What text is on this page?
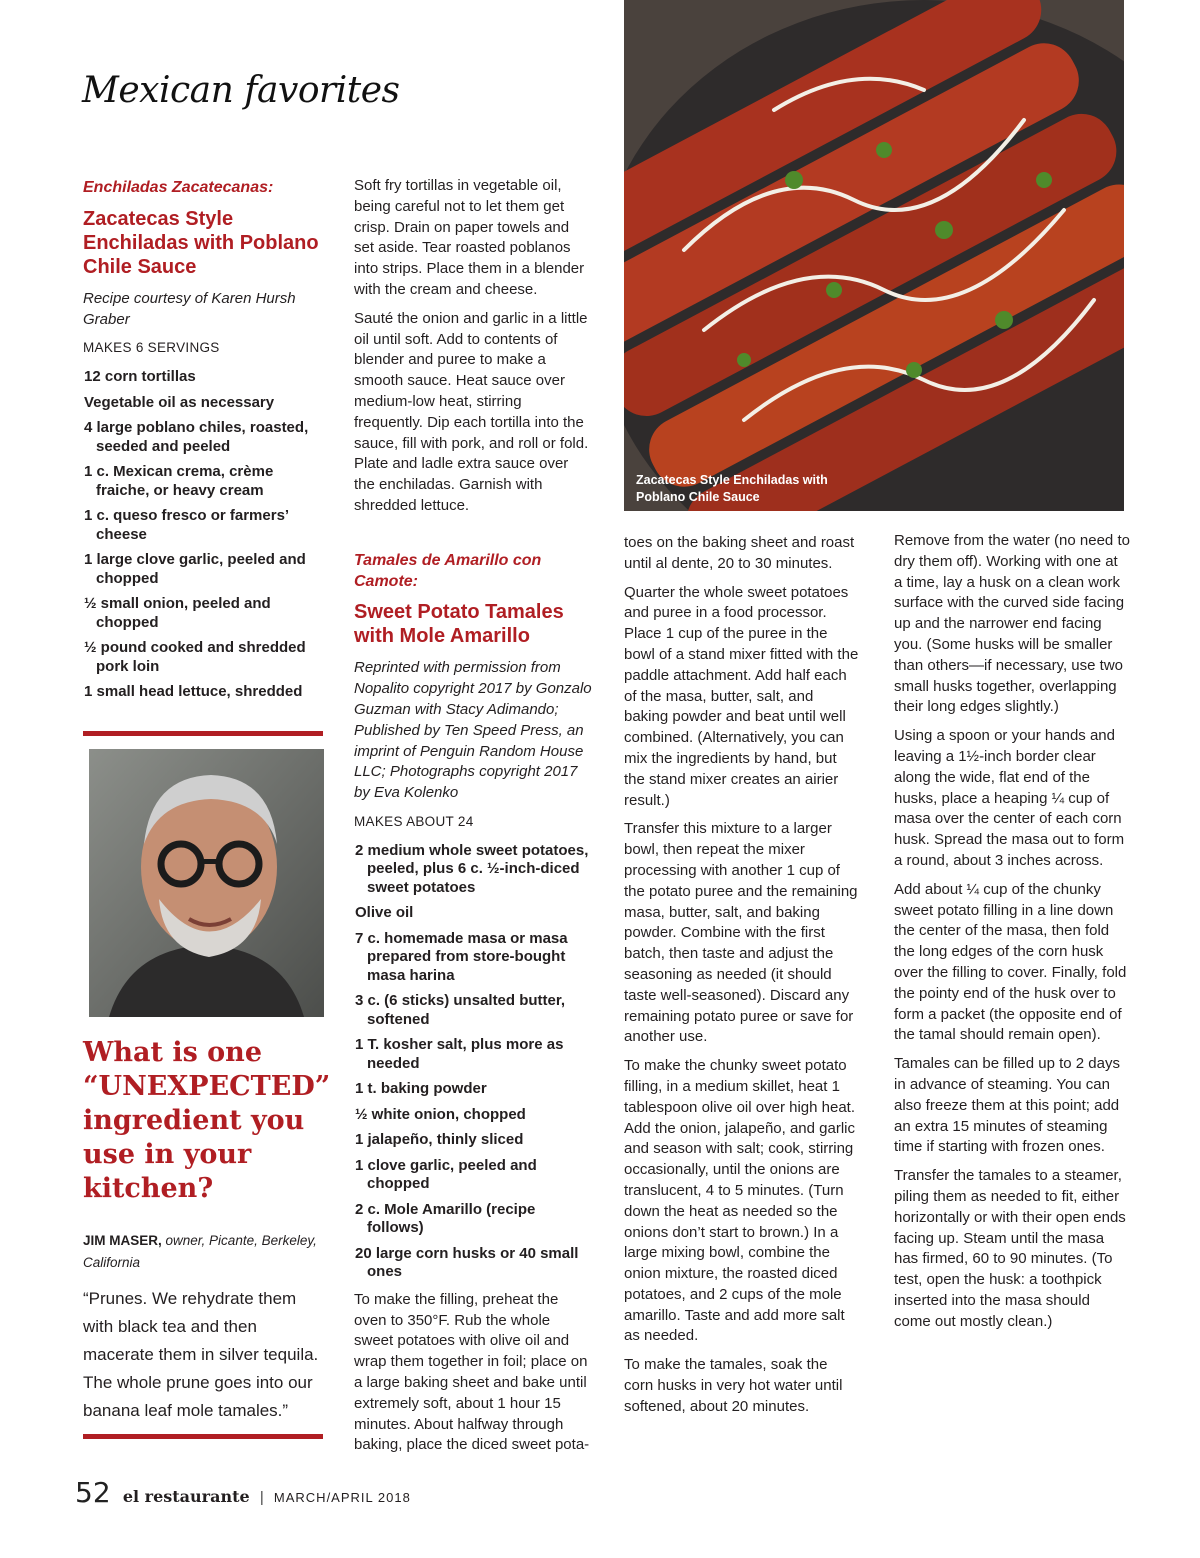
Mexican favorites
Enchiladas Zacatecanas:
Zacatecas Style Enchiladas with Poblano Chile Sauce
Recipe courtesy of Karen Hursh Graber
MAKES 6 SERVINGS
12 corn tortillas
Vegetable oil as necessary
4 large poblano chiles, roasted, seeded and peeled
1 c. Mexican crema, crème fraiche, or heavy cream
1 c. queso fresco or farmers’ cheese
1 large clove garlic, peeled and chopped
½ small onion, peeled and chopped
½ pound cooked and shredded pork loin
1 small head lettuce, shredded
What is one “UNEXPECTED” ingredient you use in your kitchen?
JIM MASER, owner, Picante, Berkeley, California
“Prunes. We rehydrate them with black tea and then macerate them in silver tequila. The whole prune goes into our banana leaf mole tamales.”

Soft fry tortillas in vegetable oil, being careful not to let them get crisp. Drain on paper towels and set aside. Tear roasted poblanos into strips. Place them in a blender with the cream and cheese.

Sauté the onion and garlic in a little oil until soft. Add to contents of blender and puree to make a smooth sauce. Heat sauce over medium-low heat, stirring frequently. Dip each tortilla into the sauce, fill with pork, and roll or fold. Plate and ladle extra sauce over the enchiladas. Garnish with shredded lettuce.

Tamales de Amarillo con Camote:
Sweet Potato Tamales with Mole Amarillo
Reprinted with permission from Nopalito copyright 2017 by Gonzalo Guzman with Stacy Adimando; Published by Ten Speed Press, an imprint of Penguin Random House LLC; Photographs copyright 2017 by Eva Kolenko
MAKES ABOUT 24
2 medium whole sweet potatoes, peeled, plus 6 c. ½-inch-diced sweet potatoes
Olive oil
7 c. homemade masa or masa prepared from store-bought masa harina
3 c. (6 sticks) unsalted butter, softened
1 T. kosher salt, plus more as needed
1 t. baking powder
½ white onion, chopped
1 jalapeño, thinly sliced
1 clove garlic, peeled and chopped
2 c. Mole Amarillo (recipe follows)
20 large corn husks or 40 small ones

To make the filling, preheat the oven to 350°F. Rub the whole sweet potatoes with olive oil and wrap them together in foil; place on a large baking sheet and bake until extremely soft, about 1 hour 15 minutes. About halfway through baking, place the diced sweet pota-

Zacatecas Style Enchiladas with Poblano Chile Sauce

toes on the baking sheet and roast until al dente, 20 to 30 minutes.

Quarter the whole sweet potatoes and puree in a food processor. Place 1 cup of the puree in the bowl of a stand mixer fitted with the paddle attachment. Add half each of the masa, butter, salt, and baking powder and beat until well combined. (Alternatively, you can mix the ingredients by hand, but the stand mixer creates an airier result.)

Transfer this mixture to a larger bowl, then repeat the mixer processing with another 1 cup of the potato puree and the remaining masa, butter, salt, and baking powder. Combine with the first batch, then taste and adjust the seasoning as needed (it should taste well-seasoned). Discard any remaining potato puree or save for another use.

To make the chunky sweet potato filling, in a medium skillet, heat 1 tablespoon olive oil over high heat. Add the onion, jalapeño, and garlic and season with salt; cook, stirring occasionally, until the onions are translucent, 4 to 5 minutes. (Turn down the heat as needed so the onions don’t start to brown.) In a large mixing bowl, combine the onion mixture, the roasted diced potatoes, and 2 cups of the mole amarillo. Taste and add more salt as needed.

To make the tamales, soak the corn husks in very hot water until softened, about 20 minutes.

Remove from the water (no need to dry them off). Working with one at a time, lay a husk on a clean work surface with the curved side facing up and the narrower end facing you. (Some husks will be smaller than others—if necessary, use two small husks together, overlapping their long edges slightly.)

Using a spoon or your hands and leaving a 1½-inch border clear along the wide, flat end of the husks, place a heaping ¼ cup of masa over the center of each corn husk. Spread the masa out to form a round, about 3 inches across.

Add about ¼ cup of the chunky sweet potato filling in a line down the center of the masa, then fold the long edges of the corn husk over the filling to cover. Finally, fold the pointy end of the husk over to form a packet (the opposite end of the tamal should remain open).

Tamales can be filled up to 2 days in advance of steaming. You can also freeze them at this point; add an extra 15 minutes of steaming time if starting with frozen ones.

Transfer the tamales to a steamer, piling them as needed to fit, either horizontally or with their open ends facing up. Steam until the masa has firmed, 60 to 90 minutes. (To test, open the husk: a toothpick inserted into the masa should come out mostly clean.)

52 el restaurante | MARCH/APRIL 2018
